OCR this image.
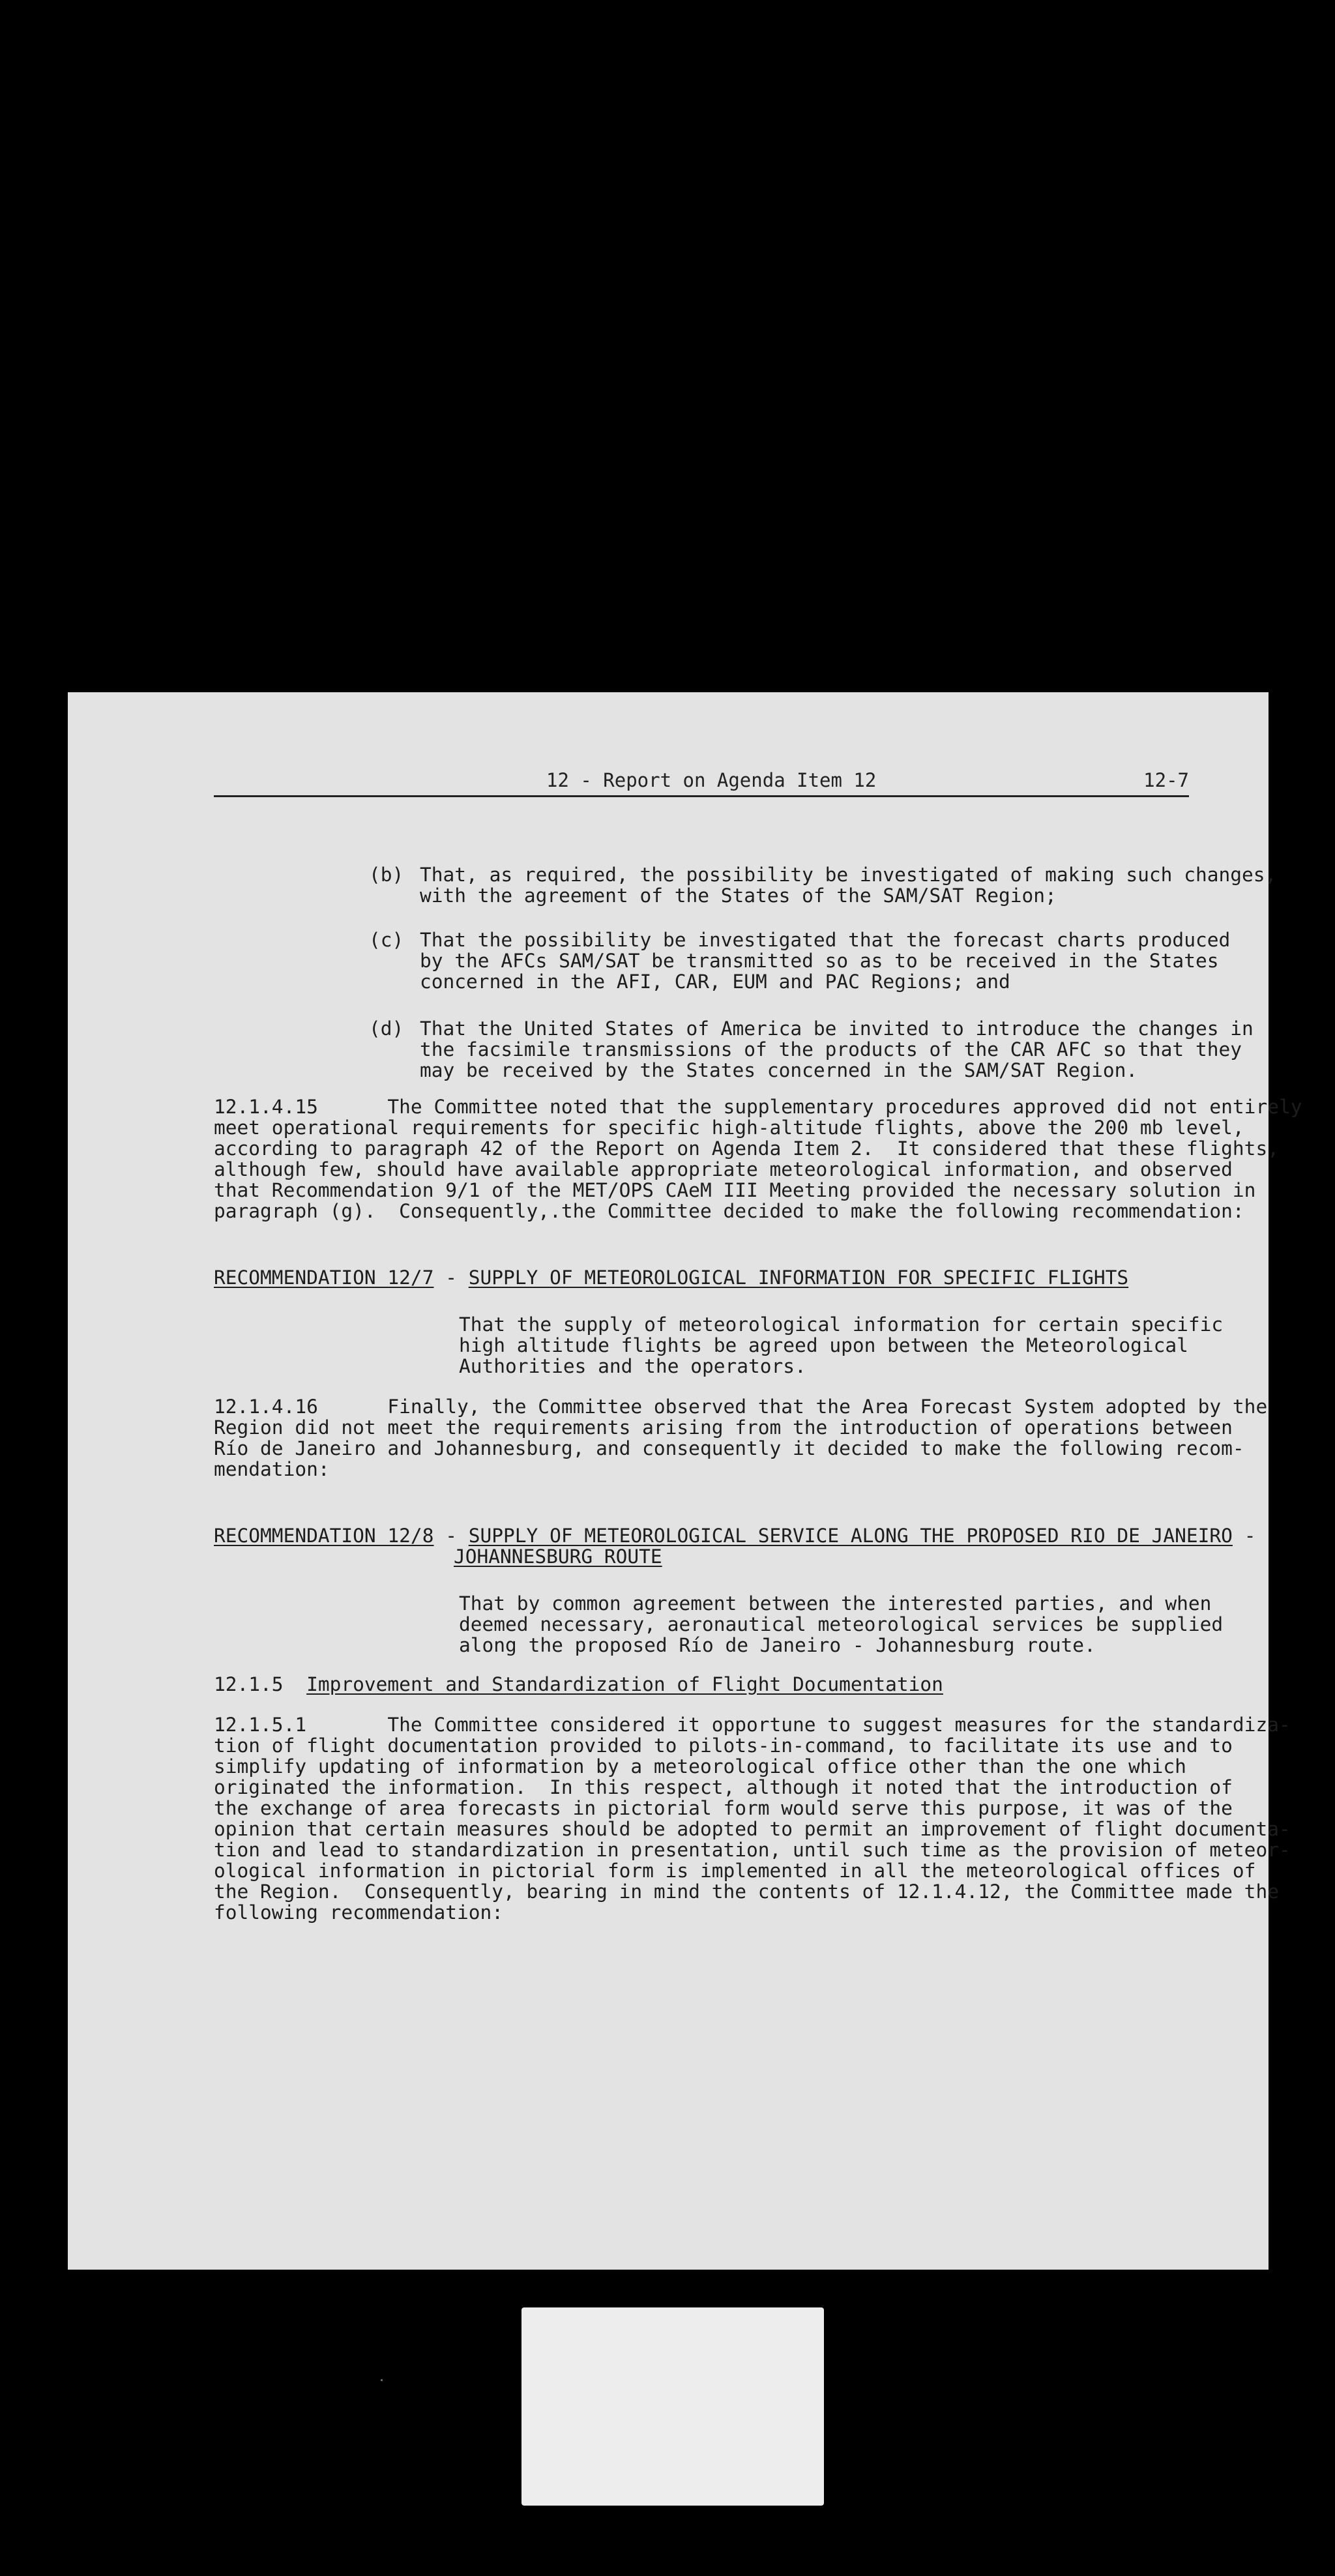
12 - Report on Agenda Item 12	12-7
(b) That, as required, the possibility be investigated of making such changes,
with the agreement of the States of the SAM/SAT Region;
(c) That the possibility be investigated that the forecast charts produced
by the AFCs SAM/SAT be transmitted so as to be received in the States
concerned in the AFI, CAR, EUM and PAC Regions; and
(d) That the United States of America be invited to introduce the changes in
the facsimile transmissions of the products of the CAR AFC so that they
may be received by the States concerned in the SAM/SAT Region.
12.1.4.15      The Committee noted that the supplementary procedures approved did not entirely
meet operational requirements for specific high-altitude flights, above the 200 mb level,
according to paragraph 42 of the Report on Agenda Item 2.  It considered that these flights,
although few, should have available appropriate meteorological information, and observed
that Recommendation 9/1 of the MET/OPS CAeM III Meeting provided the necessary solution in
paragraph (g).  Consequently,.the Committee decided to make the following recommendation:
RECOMMENDATION 12/7 - SUPPLY OF METEOROLOGICAL INFORMATION FOR SPECIFIC FLIGHTS
That the supply of meteorological information for certain specific
high altitude flights be agreed upon between the Meteorological
Authorities and the operators.
12.1.4.16      Finally, the Committee observed that the Area Forecast System adopted by the
Region did not meet the requirements arising from the introduction of operations between
Río de Janeiro and Johannesburg, and consequently it decided to make the following recom-
mendation:
RECOMMENDATION 12/8 - SUPPLY OF METEOROLOGICAL SERVICE ALONG THE PROPOSED RIO DE JANEIRO -
JOHANNESBURG ROUTE
That by common agreement between the interested parties, and when
deemed necessary, aeronautical meteorological services be supplied
along the proposed Río de Janeiro - Johannesburg route.
12.1.5  Improvement and Standardization of Flight Documentation
12.1.5.1       The Committee considered it opportune to suggest measures for the standardiza-
tion of flight documentation provided to pilots-in-command, to facilitate its use and to
simplify updating of information by a meteorological office other than the one which
originated the information.  In this respect, although it noted that the introduction of
the exchange of area forecasts in pictorial form would serve this purpose, it was of the
opinion that certain measures should be adopted to permit an improvement of flight documenta-
tion and lead to standardization in presentation, until such time as the provision of meteor-
ological information in pictorial form is implemented in all the meteorological offices of
the Region.  Consequently, bearing in mind the contents of 12.1.4.12, the Committee made the
following recommendation:
